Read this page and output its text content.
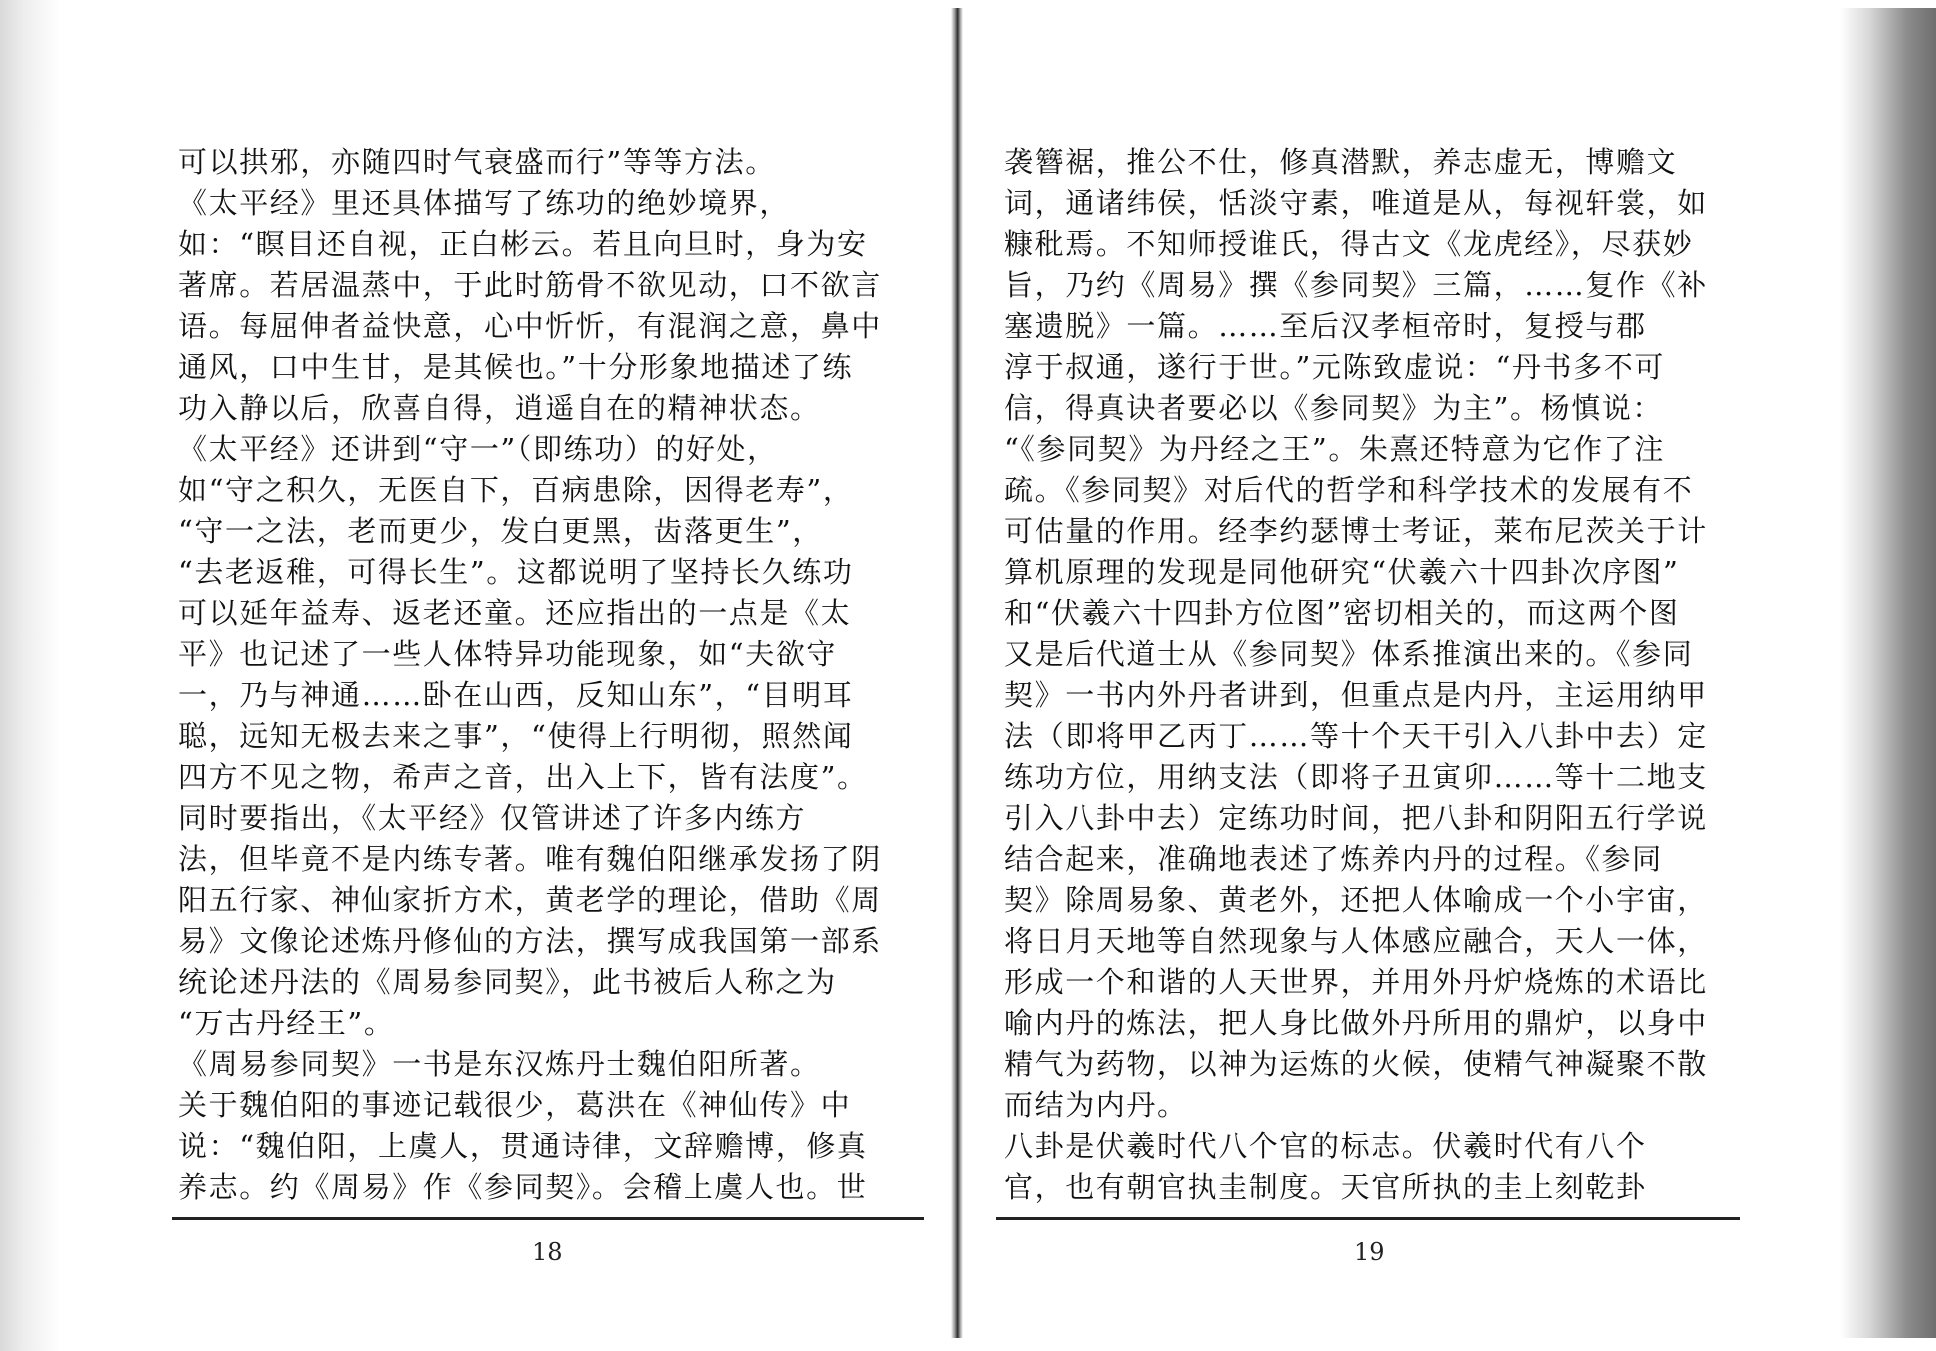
可以拱邪，亦随四时气衰盛而行”等等方法。
《太平经》里还具体描写了练功的绝妙境界，
如：“瞑目还自视，正白彬云。若且向旦时，身为安
著席。若居温蒸中，于此时筋骨不欲见动，口不欲言
语。每屈伸者益快意，心中忻忻，有混润之意，鼻中
通风，口中生甘，是其候也。”十分形象地描述了练
功入静以后，欣喜自得，逍遥自在的精神状态。
《太平经》还讲到“守一”（即练功）的好处，
如“守之积久，无医自下，百病患除，因得老寿”，
“守一之法，老而更少，发白更黑，齿落更生”，
“去老返稚，可得长生”。这都说明了坚持长久练功
可以延年益寿、返老还童。还应指出的一点是《太
平》也记述了一些人体特异功能现象，如“夫欲守
一，乃与神通……卧在山西，反知山东”，“目明耳
聪，远知无极去来之事”，“使得上行明彻，照然闻
四方不见之物，希声之音，出入上下，皆有法度”。
同时要指出，《太平经》仅管讲述了许多内练方
法，但毕竟不是内练专著。唯有魏伯阳继承发扬了阴
阳五行家、神仙家折方术，黄老学的理论，借助《周
易》文像论述炼丹修仙的方法，撰写成我国第一部系
统论述丹法的《周易参同契》，此书被后人称之为
“万古丹经王”。
《周易参同契》一书是东汉炼丹士魏伯阳所著。
关于魏伯阳的事迹记载很少，葛洪在《神仙传》中
说：“魏伯阳，上虞人，贯通诗律，文辞赡博，修真
养志。约《周易》作《参同契》。会稽上虞人也。世
袭簪裾，推公不仕，修真潜默，养志虚无，博赡文
词，通诸纬侯，恬淡守素，唯道是从，每视轩裳，如
糠秕焉。不知师授谁氏，得古文《龙虎经》，尽获妙
旨，乃约《周易》撰《参同契》三篇，……复作《补
塞遗脱》一篇。……至后汉孝桓帝时，复授与郡
淳于叔通，遂行于世。”元陈致虚说：“丹书多不可
信，得真诀者要必以《参同契》为主”。杨慎说：
“《参同契》为丹经之王”。朱熹还特意为它作了注
疏。《参同契》对后代的哲学和科学技术的发展有不
可估量的作用。经李约瑟博士考证，莱布尼茨关于计
算机原理的发现是同他研究“伏羲六十四卦次序图”
和“伏羲六十四卦方位图”密切相关的，而这两个图
又是后代道士从《参同契》体系推演出来的。《参同
契》一书内外丹者讲到，但重点是内丹，主运用纳甲
法（即将甲乙丙丁……等十个天干引入八卦中去）定
练功方位，用纳支法（即将子丑寅卯……等十二地支
引入八卦中去）定练功时间，把八卦和阴阳五行学说
结合起来，准确地表述了炼养内丹的过程。《参同
契》除周易象、黄老外，还把人体喻成一个小宇宙，
将日月天地等自然现象与人体感应融合，天人一体，
形成一个和谐的人天世界，并用外丹炉烧炼的术语比
喻内丹的炼法，把人身比做外丹所用的鼎炉，以身中
精气为药物，以神为运炼的火候，使精气神凝聚不散
而结为内丹。
八卦是伏羲时代八个官的标志。伏羲时代有八个
官，也有朝官执圭制度。天官所执的圭上刻乾卦
18	19
